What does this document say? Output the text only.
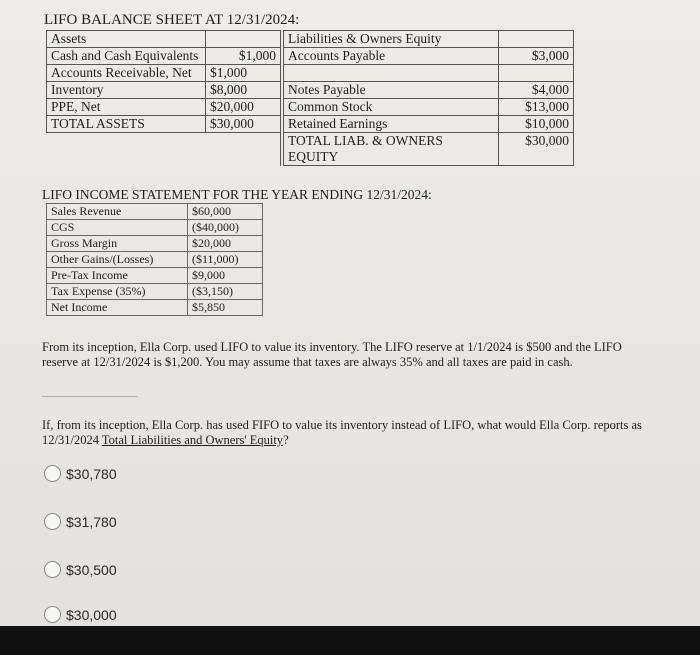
LIFO BALANCE SHEET AT 12/31/2024:
Assets			Liabilities & Owners Equity	
Cash and Cash Equivalents	$1,000		Accounts Payable	$3,000
Accounts Receivable, Net	$1,000			
Inventory	$8,000		Notes Payable	$4,000
PPE, Net	$20,000		Common Stock	$13,000
TOTAL ASSETS	$30,000		Retained Earnings	$10,000
			TOTAL LIAB. & OWNERS EQUITY	$30,000
LIFO INCOME STATEMENT FOR THE YEAR ENDING 12/31/2024:
Sales Revenue	$60,000
CGS	($40,000)
Gross Margin	$20,000
Other Gains/(Losses)	($11,000)
Pre-Tax Income	$9,000
Tax Expense (35%)	($3,150)
Net Income	$5,850
From its inception, Ella Corp. used LIFO to value its inventory. The LIFO reserve at 1/1/2024 is $500 and the LIFO reserve at 12/31/2024 is $1,200. You may assume that taxes are always 35% and all taxes are paid in cash.
If, from its inception, Ella Corp. has used FIFO to value its inventory instead of LIFO, what would Ella Corp. reports as 12/31/2024 Total Liabilities and Owners' Equity?
$30,780
$31,780
$30,500
$30,000
